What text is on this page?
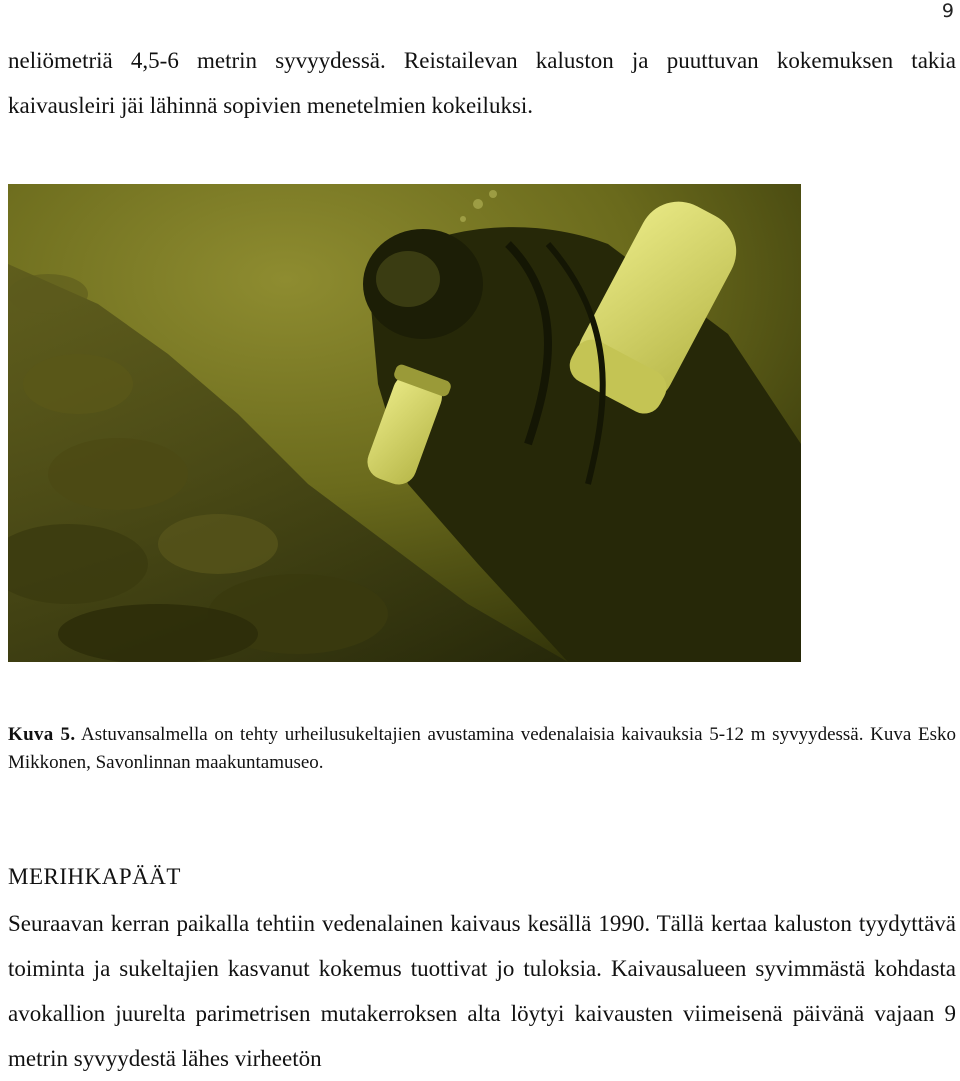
9

neliömetriä 4,5-6 metrin syvyydessä. Reistailevan kaluston ja puuttuvan kokemuksen takia kaivausleiri jäi lähinnä sopivien menetelmien kokeiluksi.

Kuva 5. Astuvansalmella on tehty urheilusukeltajien avustamina vedenalaisia kaivauksia 5-12 m syvyydessä. Kuva Esko Mikkonen, Savonlinnan maakuntamuseo.

MERIHKAPÄÄT

Seuraavan kerran paikalla tehtiin vedenalainen kaivaus kesällä 1990. Tällä kertaa kaluston tyydyttävä toiminta ja sukeltajien kasvanut kokemus tuottivat jo tuloksia. Kaivausalueen syvimmästä kohdasta avokallion juurelta parimetrisen mutakerroksen alta löytyi kaivausten viimeisenä päivänä vajaan 9 metrin syvyydestä lähes virheetön
